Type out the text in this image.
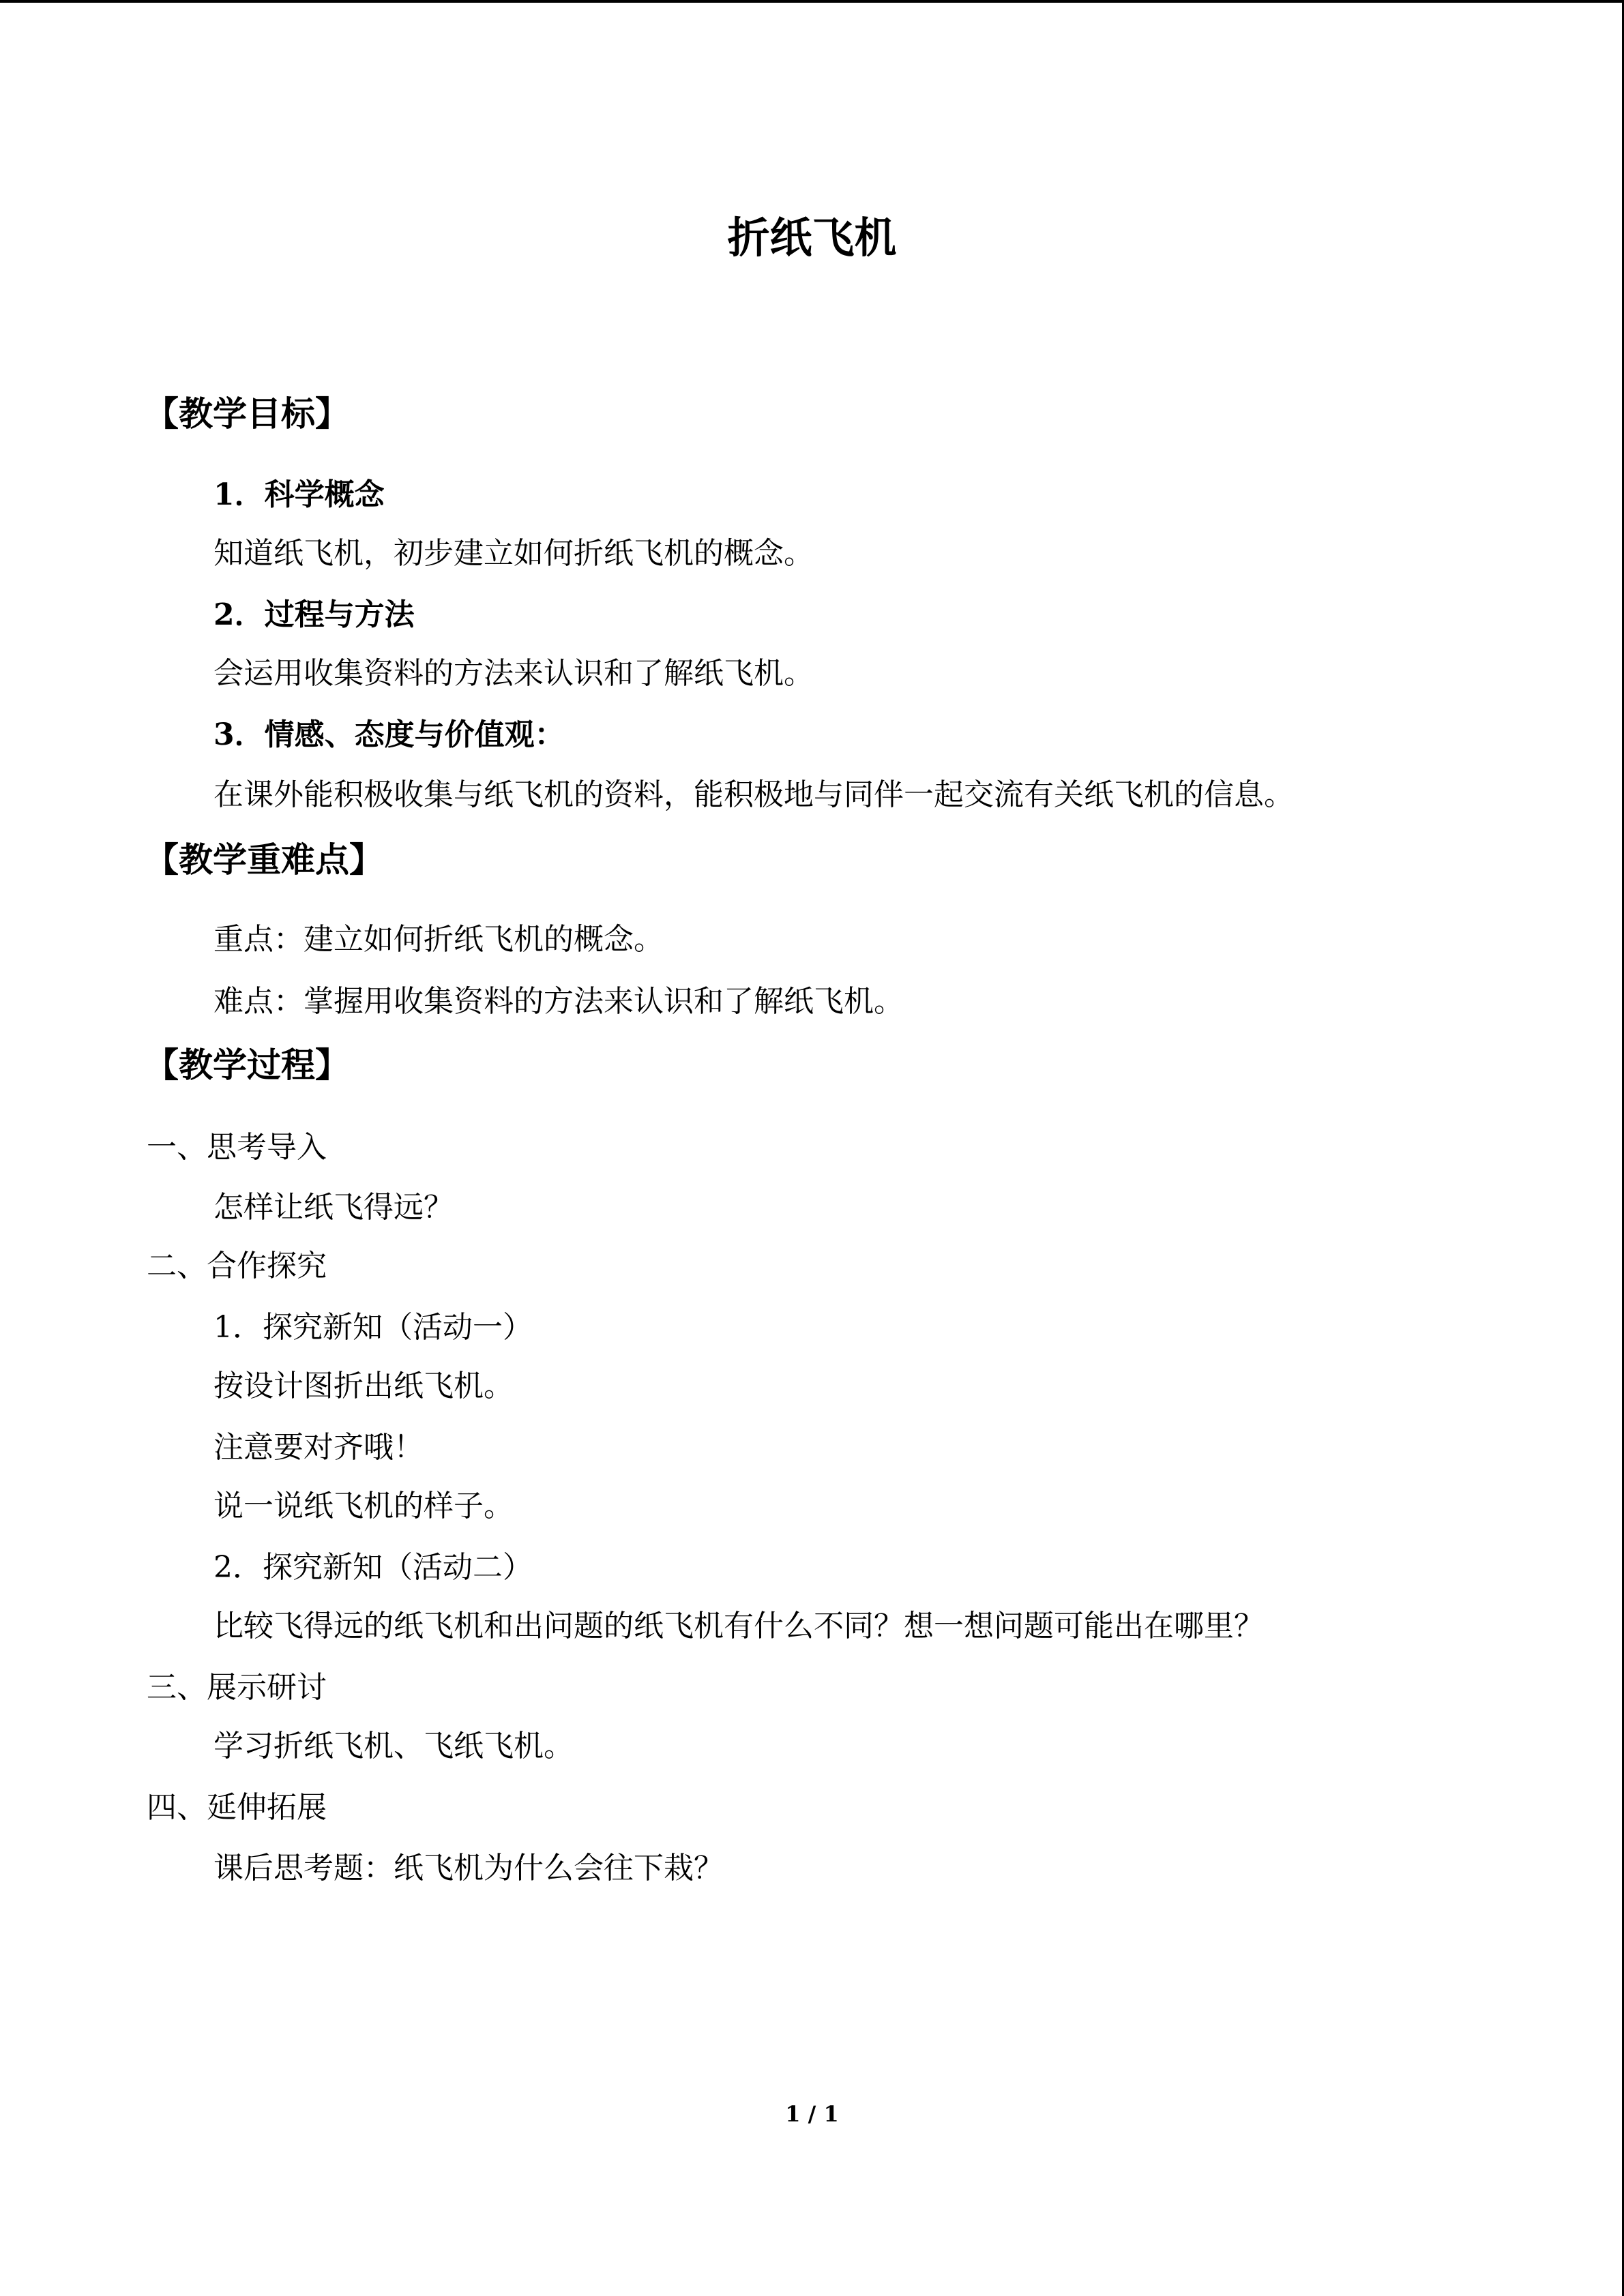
折纸飞机
【教学目标】
1．科学概念
知道纸飞机，初步建立如何折纸飞机的概念。
2．过程与方法
会运用收集资料的方法来认识和了解纸飞机。
3．情感、态度与价值观：
在课外能积极收集与纸飞机的资料，能积极地与同伴一起交流有关纸飞机的信息。
【教学重难点】
重点：建立如何折纸飞机的概念。
难点：掌握用收集资料的方法来认识和了解纸飞机。
【教学过程】
一、思考导入
怎样让纸飞得远？
二、合作探究
1．探究新知（活动一）
按设计图折出纸飞机。
注意要对齐哦！
说一说纸飞机的样子。
2．探究新知（活动二）
比较飞得远的纸飞机和出问题的纸飞机有什么不同？想一想问题可能出在哪里？
三、展示研讨
学习折纸飞机、飞纸飞机。
四、延伸拓展
课后思考题：纸飞机为什么会往下栽？
1 / 1
